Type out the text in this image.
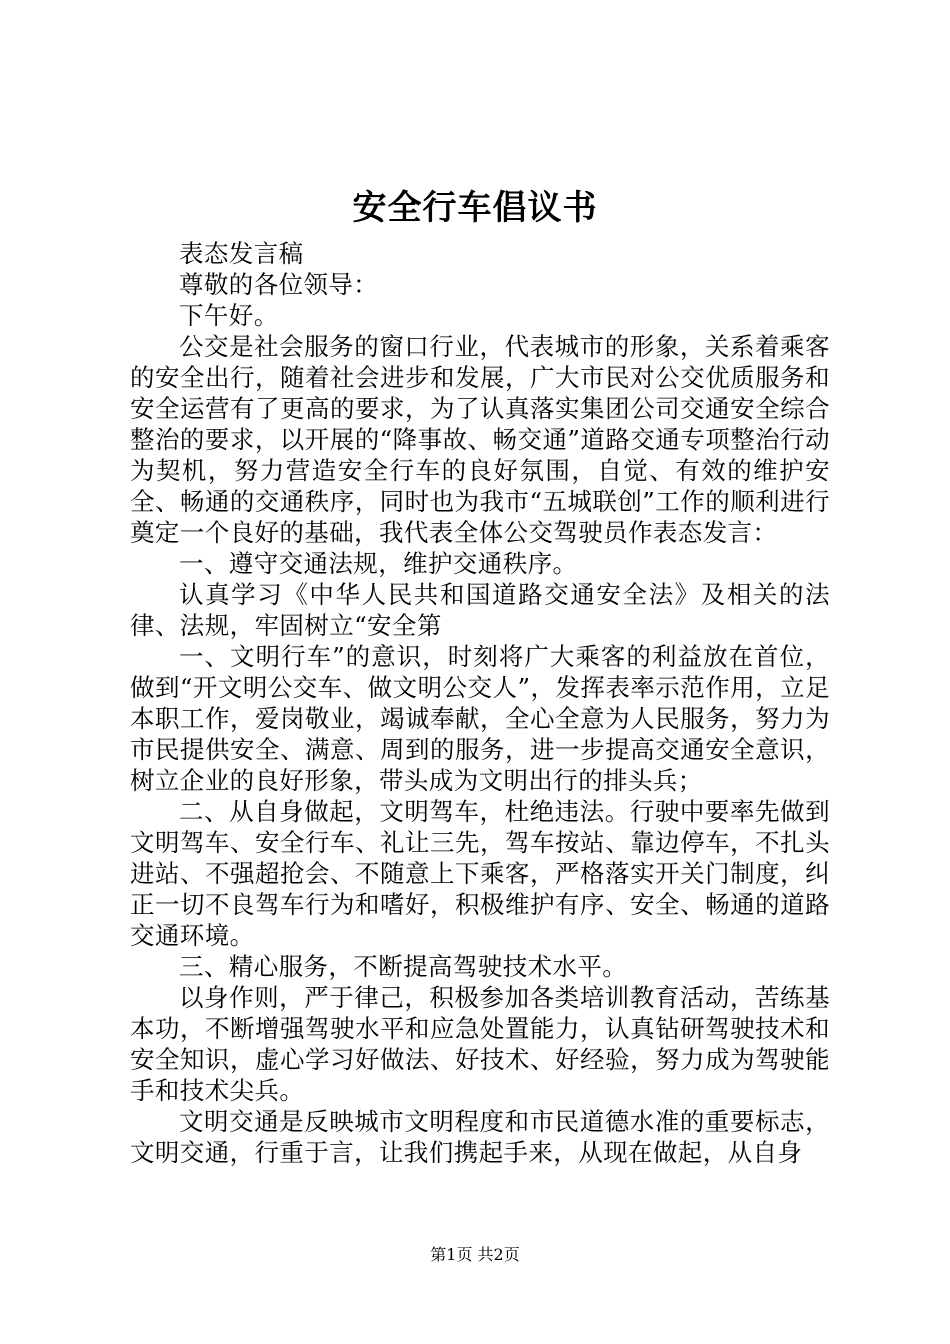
安全行车倡议书

表态发言稿

尊敬的各位领导：

下午好。

公交是社会服务的窗口行业，代表城市的形象，关系着乘客的安全出行，随着社会进步和发展，广大市民对公交优质服务和安全运营有了更高的要求，为了认真落实集团公司交通安全综合整治的要求，以开展的“降事故、畅交通”道路交通专项整治行动为契机，努力营造安全行车的良好氛围，自觉、有效的维护安全、畅通的交通秩序，同时也为我市“五城联创”工作的顺利进行奠定一个良好的基础，我代表全体公交驾驶员作表态发言：

一、遵守交通法规，维护交通秩序。

认真学习《中华人民共和国道路交通安全法》及相关的法律、法规，牢固树立“安全第

一、文明行车”的意识，时刻将广大乘客的利益放在首位，做到“开文明公交车、做文明公交人”，发挥表率示范作用，立足本职工作，爱岗敬业，竭诚奉献，全心全意为人民服务，努力为市民提供安全、满意、周到的服务，进一步提高交通安全意识，树立企业的良好形象，带头成为文明出行的排头兵；

二、从自身做起，文明驾车，杜绝违法。行驶中要率先做到文明驾车、安全行车、礼让三先，驾车按站、靠边停车，不扎头进站、不强超抢会、不随意上下乘客，严格落实开关门制度，纠正一切不良驾车行为和嗜好，积极维护有序、安全、畅通的道路交通环境。

三、精心服务，不断提高驾驶技术水平。

以身作则，严于律己，积极参加各类培训教育活动，苦练基本功，不断增强驾驶水平和应急处置能力，认真钻研驾驶技术和安全知识，虚心学习好做法、好技术、好经验，努力成为驾驶能手和技术尖兵。

文明交通是反映城市文明程度和市民道德水准的重要标志，文明交通，行重于言，让我们携起手来，从现在做起，从自身

第1页 共2页
